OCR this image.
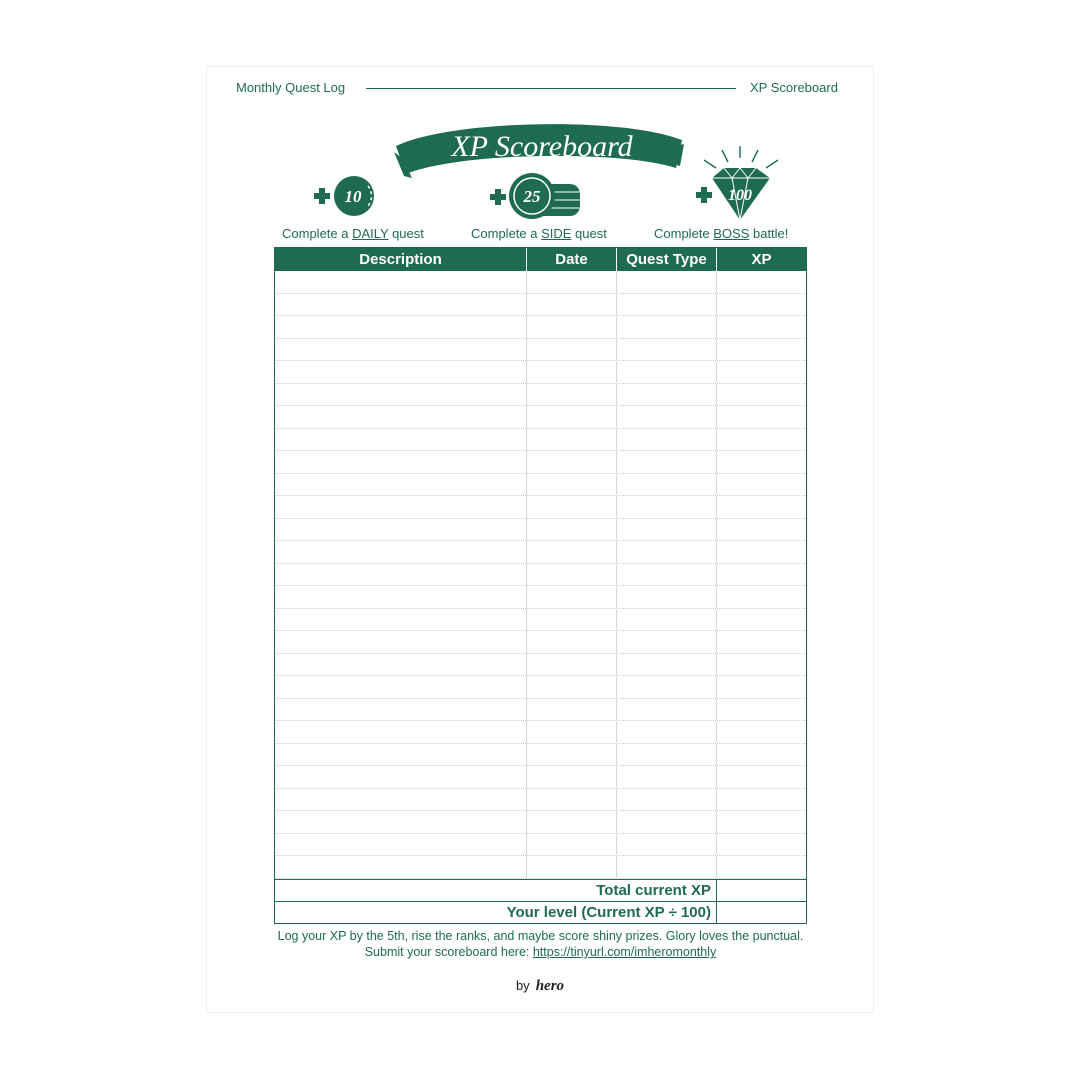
Monthly Quest Log	XP Scoreboard
XP Scoreboard
10	25	100
Complete a DAILY quest	Complete a SIDE quest	Complete BOSS battle!
Description	Date	Quest Type	XP
Total current XP
Your level (Current XP ÷ 100)
Log your XP by the 5th, rise the ranks, and maybe score shiny prizes. Glory loves the punctual. Submit your scoreboard here: https://tinyurl.com/imheromonthly
by hero
